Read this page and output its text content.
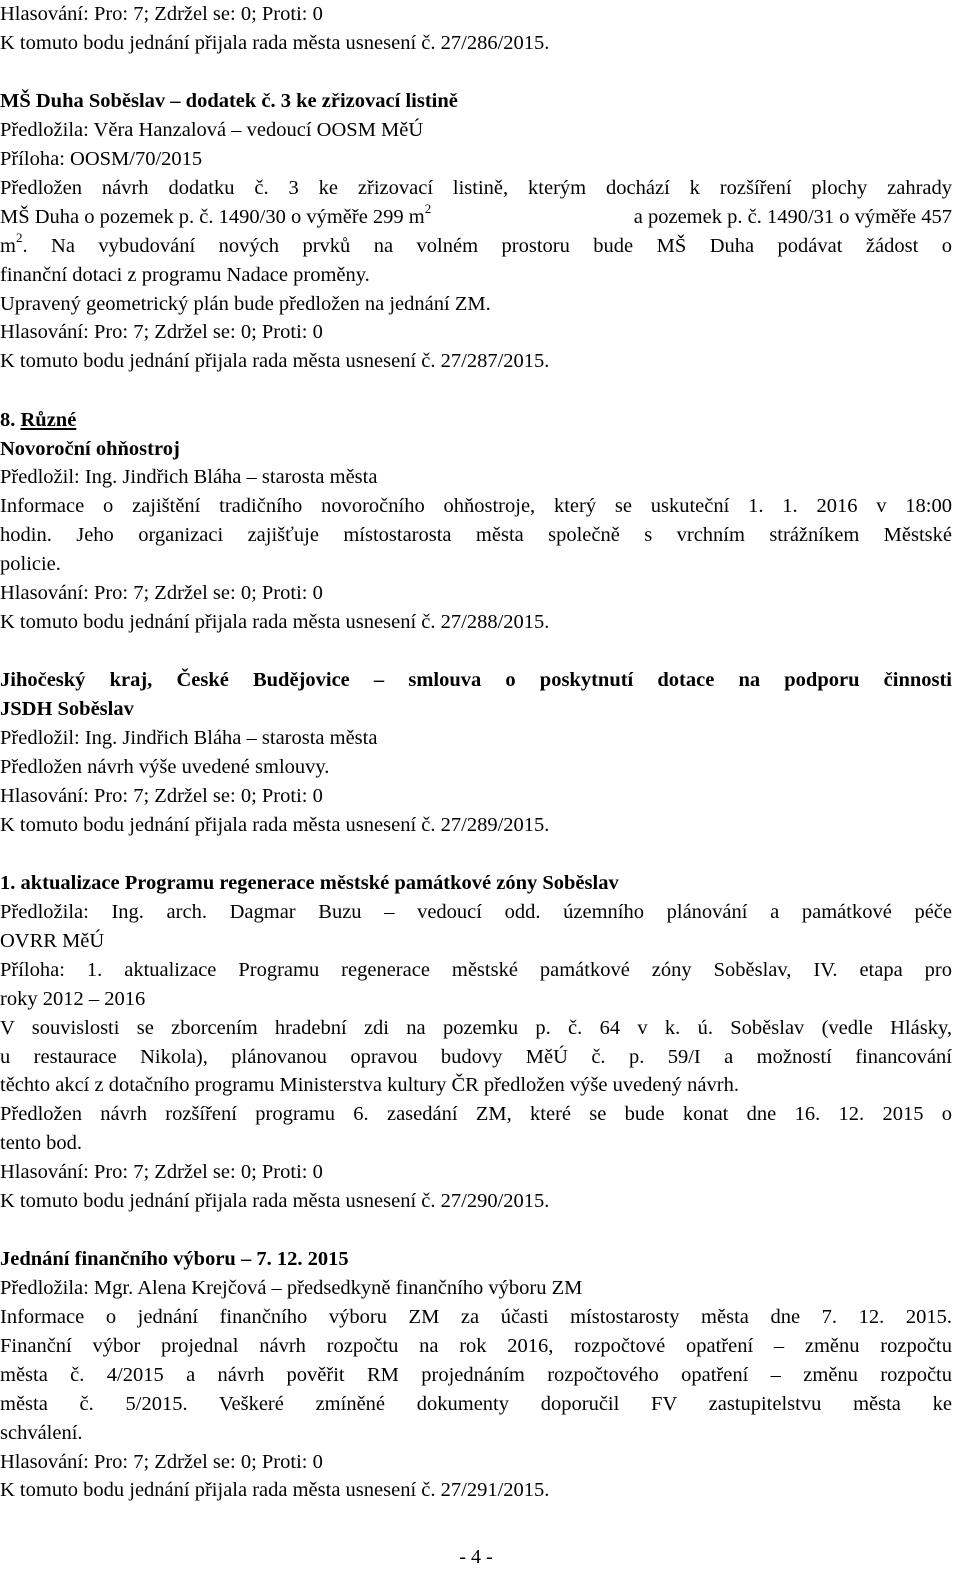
Hlasování: Pro: 7; Zdržel se: 0; Proti: 0
K tomuto bodu jednání přijala rada města usnesení č. 27/286/2015.
MŠ Duha Soběslav – dodatek č. 3 ke zřizovací listině
Předložila: Věra Hanzalová – vedoucí OOSM MěÚ
Příloha: OOSM/70/2015
Předložen návrh dodatku č. 3 ke zřizovací listině, kterým dochází k rozšíření plochy zahrady
MŠ Duha o pozemek p. č. 1490/30 o výměře 299 $m^2$	a pozemek p. č. 1490/31 o výměře 457
$m^2$. Na vybudování nových prvků na volném prostoru bude MŠ Duha podávat žádost o
finanční dotaci z programu Nadace proměny.
Upravený geometrický plán bude předložen na jednání ZM.
Hlasování: Pro: 7; Zdržel se: 0; Proti: 0
K tomuto bodu jednání přijala rada města usnesení č. 27/287/2015.
8. Různé
Novoroční ohňostroj
Předložil: Ing. Jindřich Bláha – starosta města
Informace o zajištění tradičního novoročního ohňostroje, který se uskuteční 1. 1. 2016 v 18:00
hodin. Jeho organizaci zajišťuje místostarosta města společně s vrchním strážníkem Městské
policie.
Hlasování: Pro: 7; Zdržel se: 0; Proti: 0
K tomuto bodu jednání přijala rada města usnesení č. 27/288/2015.
Jihočeský kraj, České Budějovice – smlouva o poskytnutí dotace na podporu činnosti
JSDH Soběslav
Předložil: Ing. Jindřich Bláha – starosta města
Předložen návrh výše uvedené smlouvy.
Hlasování: Pro: 7; Zdržel se: 0; Proti: 0
K tomuto bodu jednání přijala rada města usnesení č. 27/289/2015.
1. aktualizace Programu regenerace městské památkové zóny Soběslav
Předložila: Ing. arch. Dagmar Buzu – vedoucí odd. územního plánování a památkové péče
OVRR MěÚ
Příloha: 1. aktualizace Programu regenerace městské památkové zóny Soběslav, IV. etapa pro
roky 2012 – 2016
V souvislosti se zborcením hradební zdi na pozemku p. č. 64 v k. ú. Soběslav (vedle Hlásky,
u restaurace Nikola), plánovanou opravou budovy MěÚ č. p. 59/I a možností financování
těchto akcí z dotačního programu Ministerstva kultury ČR předložen výše uvedený návrh.
Předložen návrh rozšíření programu 6. zasedání ZM, které se bude konat dne 16. 12. 2015 o
tento bod.
Hlasování: Pro: 7; Zdržel se: 0; Proti: 0
K tomuto bodu jednání přijala rada města usnesení č. 27/290/2015.
Jednání finančního výboru – 7. 12. 2015
Předložila: Mgr. Alena Krejčová – předsedkyně finančního výboru ZM
Informace o jednání finančního výboru ZM za účasti místostarosty města dne 7. 12. 2015.
Finanční výbor projednal návrh rozpočtu na rok 2016, rozpočtové opatření – změnu rozpočtu
města č. 4/2015 a návrh pověřit RM projednáním rozpočtového opatření – změnu rozpočtu
města č. 5/2015. Veškeré zmíněné dokumenty doporučil FV zastupitelstvu města ke
schválení.
Hlasování: Pro: 7; Zdržel se: 0; Proti: 0
K tomuto bodu jednání přijala rada města usnesení č. 27/291/2015.
- 4 -
